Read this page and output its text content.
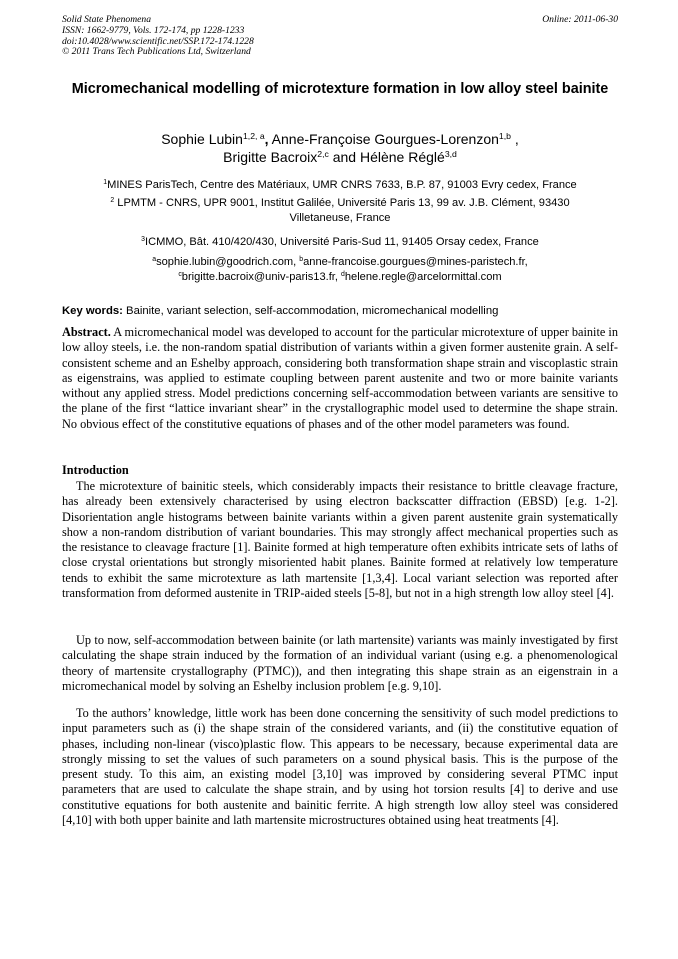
Solid State Phenomena
ISSN: 1662-9779, Vols. 172-174, pp 1228-1233
doi:10.4028/www.scientific.net/SSP.172-174.1228
© 2011 Trans Tech Publications Ltd, Switzerland
Online: 2011-06-30
Micromechanical modelling of microtexture formation in low alloy steel bainite
Sophie Lubin$^{1,2, a}$, Anne-Françoise Gourgues-Lorenzon$^{1,b}$ ,
Brigitte Bacroix$^{2,c}$ and Hélène Réglé$^{3,d}$
$^1$MINES ParisTech, Centre des Matériaux, UMR CNRS 7633, B.P. 87, 91003 Evry cedex, France
$^2$ LPMTM - CNRS, UPR 9001, Institut Galilée, Université Paris 13, 99 av. J.B. Clément, 93430
Villetaneuse, France
$^3$ICMMO, Bât. 410/420/430, Université Paris-Sud 11, 91405 Orsay cedex, France
$^a$sophie.lubin@goodrich.com, $^b$anne-francoise.gourgues@mines-paristech.fr,
$^c$brigitte.bacroix@univ-paris13.fr, $^d$helene.regle@arcelormittal.com
Key words: Bainite, variant selection, self-accommodation, micromechanical modelling
Abstract. A micromechanical model was developed to account for the particular microtexture of upper bainite in low alloy steels, i.e. the non-random spatial distribution of variants within a given former austenite grain. A self-consistent scheme and an Eshelby approach, considering both transformation shape strain and viscoplastic strain as eigenstrains, was applied to estimate coupling between parent austenite and two or more bainite variants without any applied stress. Model predictions concerning self-accommodation between variants are sensitive to the plane of the first “lattice invariant shear” in the crystallographic model used to determine the shape strain. No obvious effect of the constitutive equations of phases and of the other model parameters was found.
Introduction
The microtexture of bainitic steels, which considerably impacts their resistance to brittle cleavage fracture, has already been extensively characterised by using electron backscatter diffraction (EBSD) [e.g. 1-2]. Disorientation angle histograms between bainite variants within a given parent austenite grain systematically show a non-random distribution of variant boundaries. This may strongly affect mechanical properties such as the resistance to cleavage fracture [1]. Bainite formed at high temperature often exhibits intricate sets of laths of close crystal orientations but strongly misoriented habit planes. Bainite formed at relatively low temperature tends to exhibit the same microtexture as lath martensite [1,3,4]. Local variant selection was reported after transformation from deformed austenite in TRIP-aided steels [5-8], but not in a high strength low alloy steel [4].
Up to now, self-accommodation between bainite (or lath martensite) variants was mainly investigated by first calculating the shape strain induced by the formation of an individual variant (using e.g. a phenomenological theory of martensite crystallography (PTMC)), and then integrating this shape strain as an eigenstrain in a micromechanical model by solving an Eshelby inclusion problem [e.g. 9,10].
To the authors’ knowledge, little work has been done concerning the sensitivity of such model predictions to input parameters such as (i) the shape strain of the considered variants, and (ii) the constitutive equation of phases, including non-linear (visco)plastic flow. This appears to be necessary, because experimental data are strongly missing to set the values of such parameters on a sound physical basis. This is the purpose of the present study. To this aim, an existing model [3,10] was improved by considering several PTMC input parameters that are used to calculate the shape strain, and by using hot torsion results [4] to derive and use constitutive equations for both austenite and bainitic ferrite. A high strength low alloy steel was considered [4,10] with both upper bainite and lath martensite microstructures obtained using heat treatments [4].
